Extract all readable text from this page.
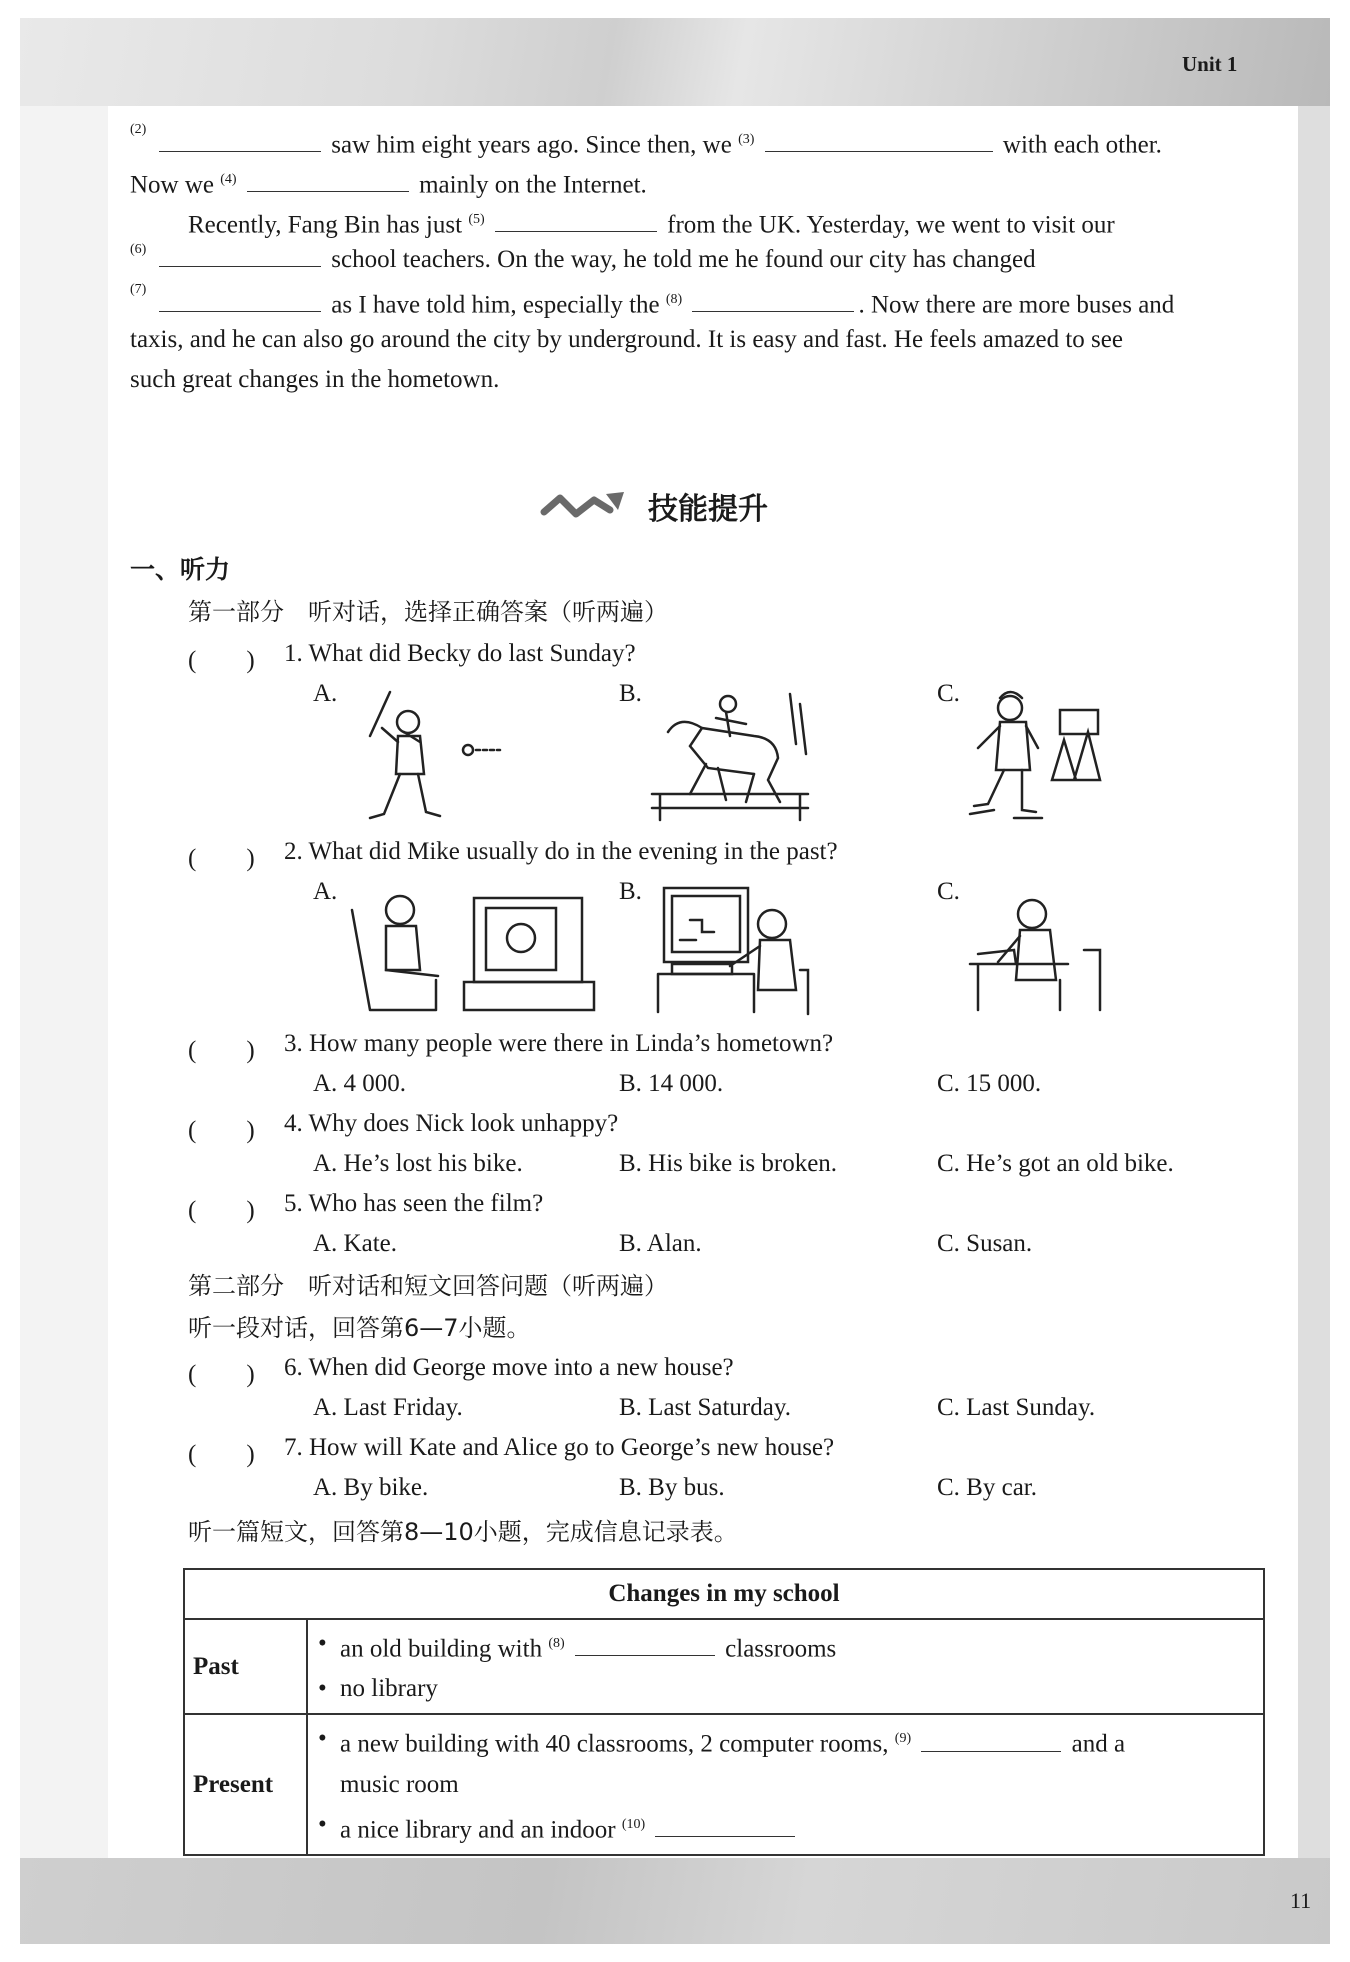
Unit 1
11
(2)
saw him eight years ago. Since then, we $^{(3)}$	with each other.
Now we $^{(4)}$	mainly on the Internet.
Recently, Fang Bin has just $^{(5)}$	from the UK. Yesterday, we went to visit our
(6)	school teachers. On the way, he told me he found our city has changed
(7)
as I have told him, especially the $^{(8)}$	. Now there are more buses and
taxis, and he can also go around the city by underground. It is easy and fast. He feels amazed to see
such great changes in the hometown.
技能提升
一、听力
第一部分　听对话，选择正确答案（听两遍）
(　　) 1. What did Becky do last Sunday?
A.	B.	C.
(　　) 2. What did Mike usually do in the evening in the past?
A.	B.	C.
(　　) 3. How many people were there in Linda’s hometown?
A. 4 000.	B. 14 000.	C. 15 000.
(　　) 4. Why does Nick look unhappy?
A. He’s lost his bike.	B. His bike is broken.	C. He’s got an old bike.
(　　) 5. Who has seen the film?
A. Kate.	B. Alan.	C. Susan.
第二部分　听对话和短文回答问题（听两遍）
听一段对话，回答第6—7小题。
(　　) 6. When did George move into a new house?
A. Last Friday.	B. Last Saturday.	C. Last Sunday.
(　　) 7. How will Kate and Alice go to George’s new house?
A. By bike.	B. By bus.	C. By car.
听一篇短文，回答第8—10小题，完成信息记录表。
Changes in my school	
Past	• an old building with $^{(8)}$ classrooms
• no library

Present	• a new building with 40 classrooms, 2 computer rooms, $^{(9)}$ and a
music room
• a nice library and an indoor $^{(10)}$
